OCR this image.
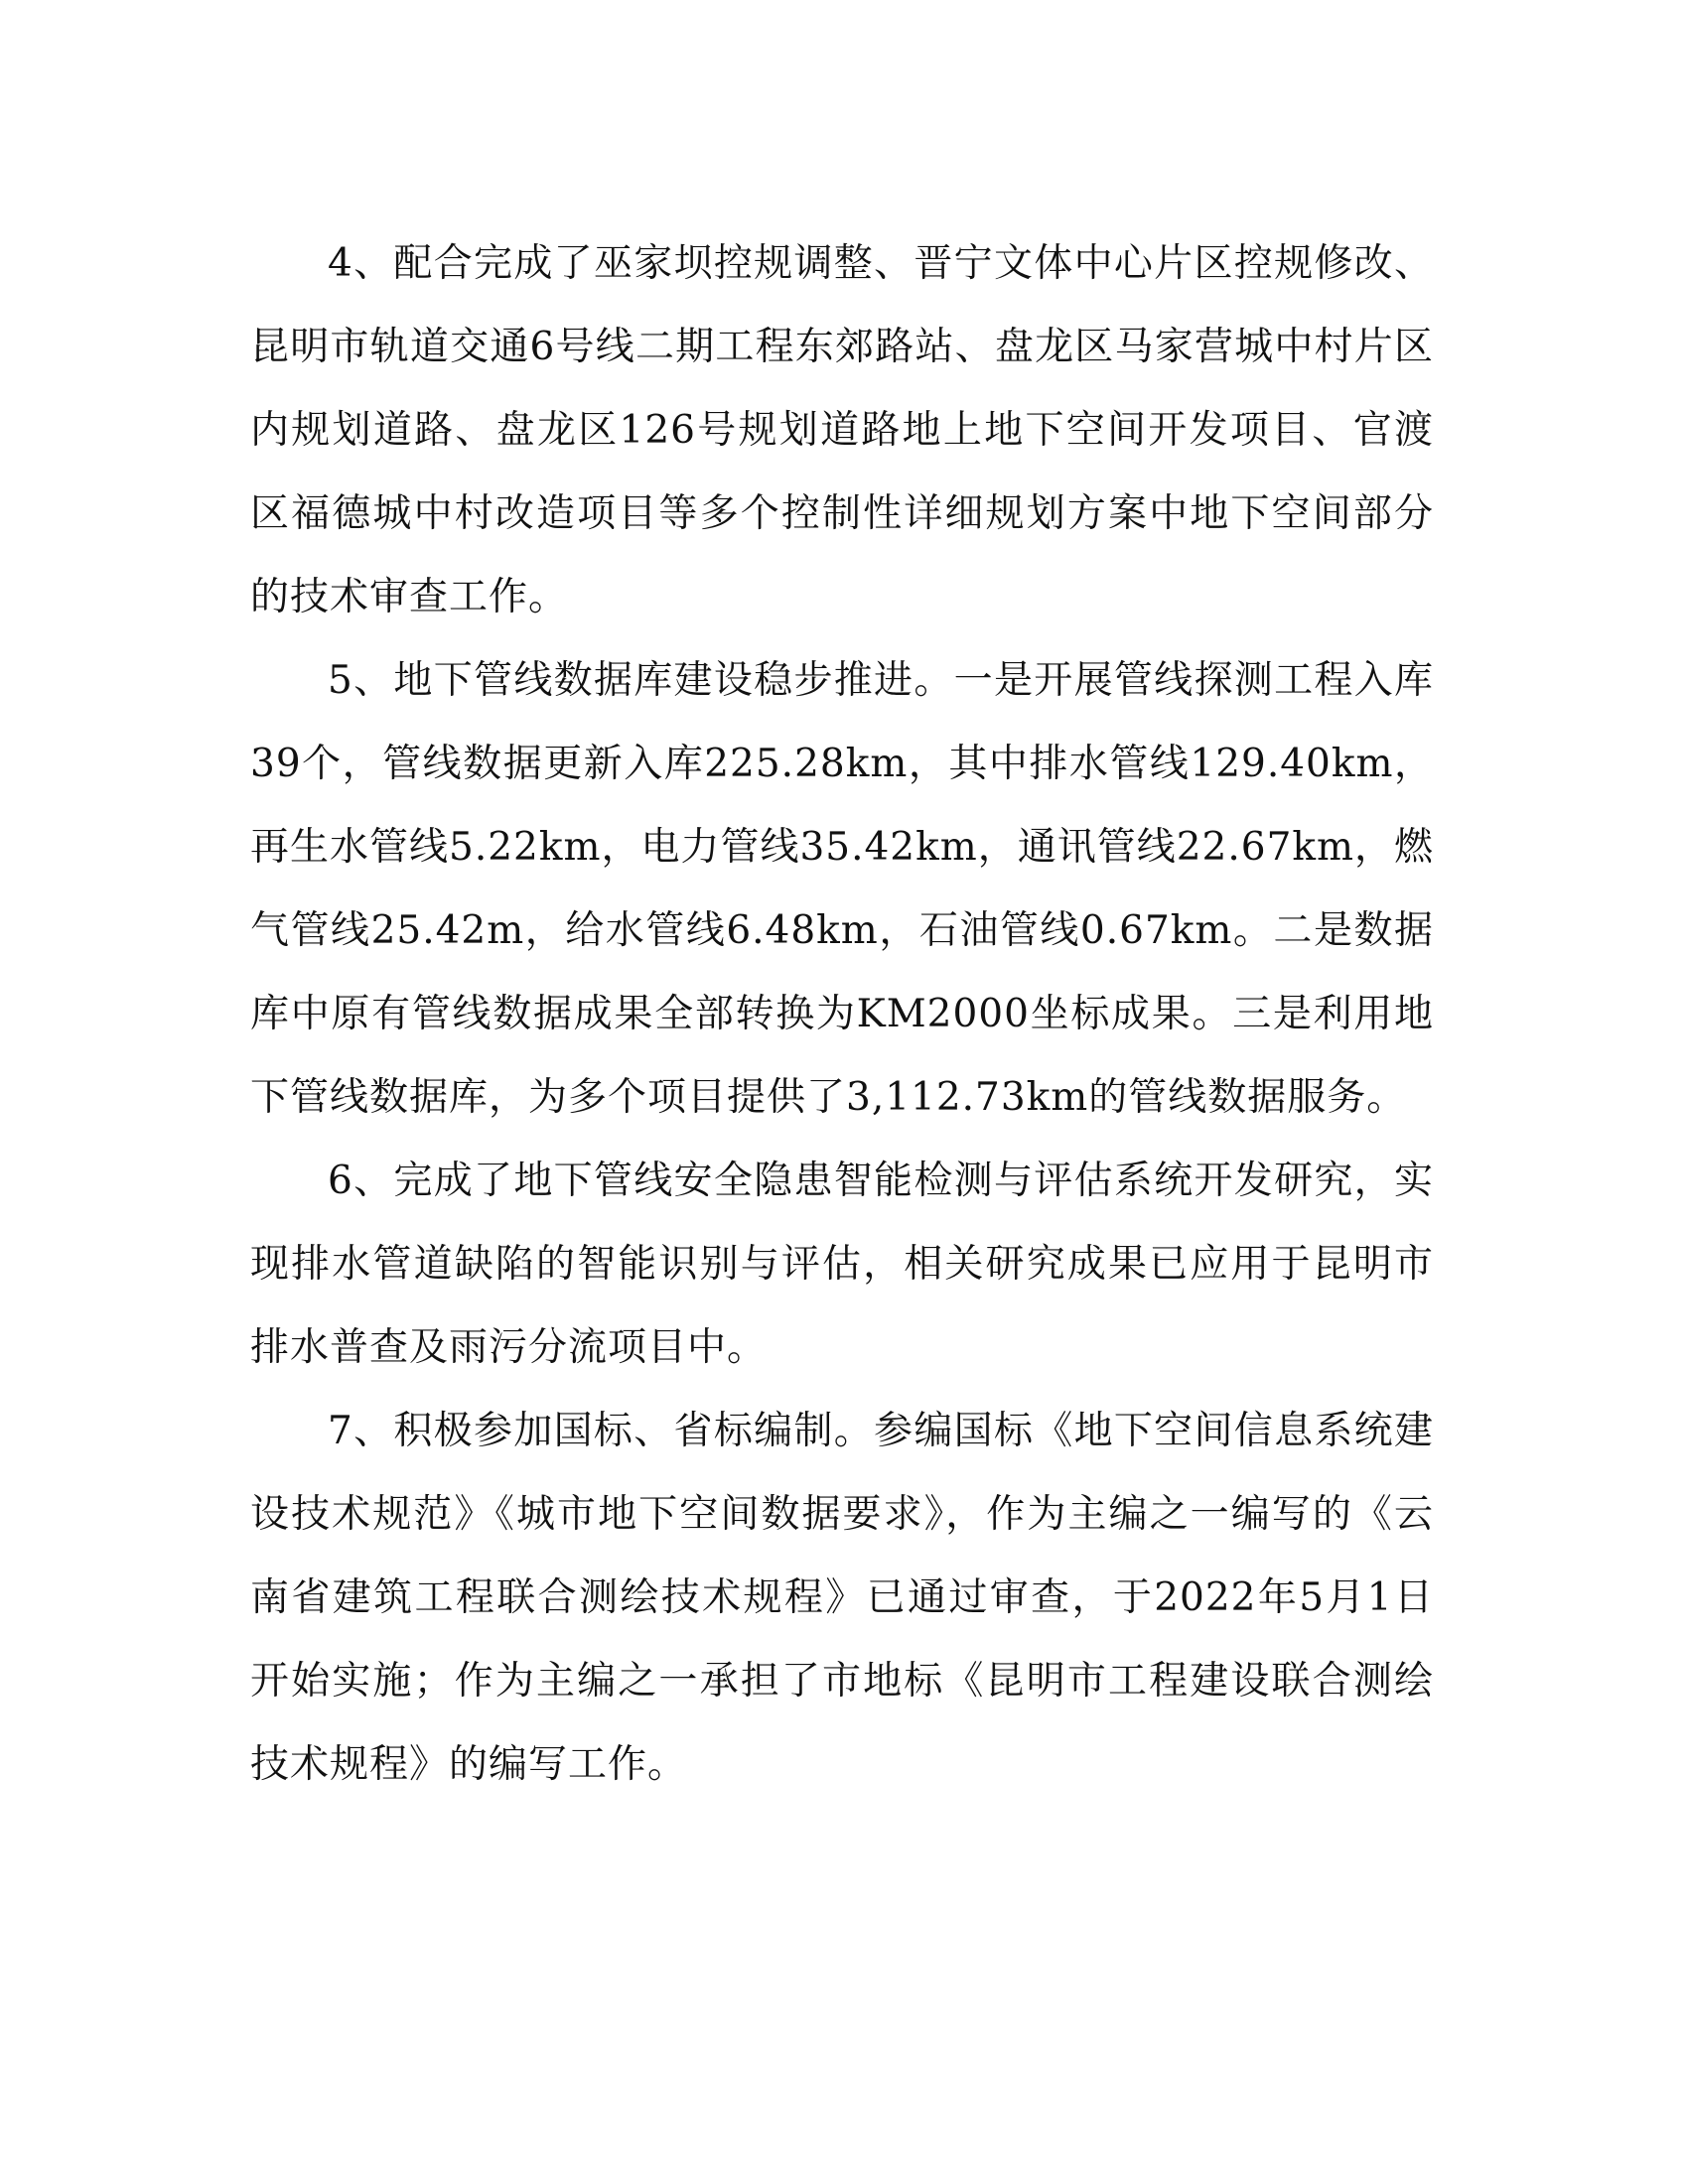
4、配合完成了巫家坝控规调整、晋宁文体中心片区控规修改、昆明市轨道交通6号线二期工程东郊路站、盘龙区马家营城中村片区内规划道路、盘龙区126号规划道路地上地下空间开发项目、官渡区福德城中村改造项目等多个控制性详细规划方案中地下空间部分的技术审查工作。

5、地下管线数据库建设稳步推进。一是开展管线探测工程入库39个，管线数据更新入库225.28km，其中排水管线129.40km，再生水管线5.22km，电力管线35.42km，通讯管线22.67km，燃气管线25.42m，给水管线6.48km，石油管线0.67km。二是数据库中原有管线数据成果全部转换为KM2000坐标成果。三是利用地下管线数据库，为多个项目提供了3,112.73km的管线数据服务。

6、完成了地下管线安全隐患智能检测与评估系统开发研究，实现排水管道缺陷的智能识别与评估，相关研究成果已应用于昆明市排水普查及雨污分流项目中。

7、积极参加国标、省标编制。参编国标《地下空间信息系统建设技术规范》《城市地下空间数据要求》，作为主编之一编写的《云南省建筑工程联合测绘技术规程》已通过审查，于2022年5月1日开始实施；作为主编之一承担了市地标《昆明市工程建设联合测绘技术规程》的编写工作。
